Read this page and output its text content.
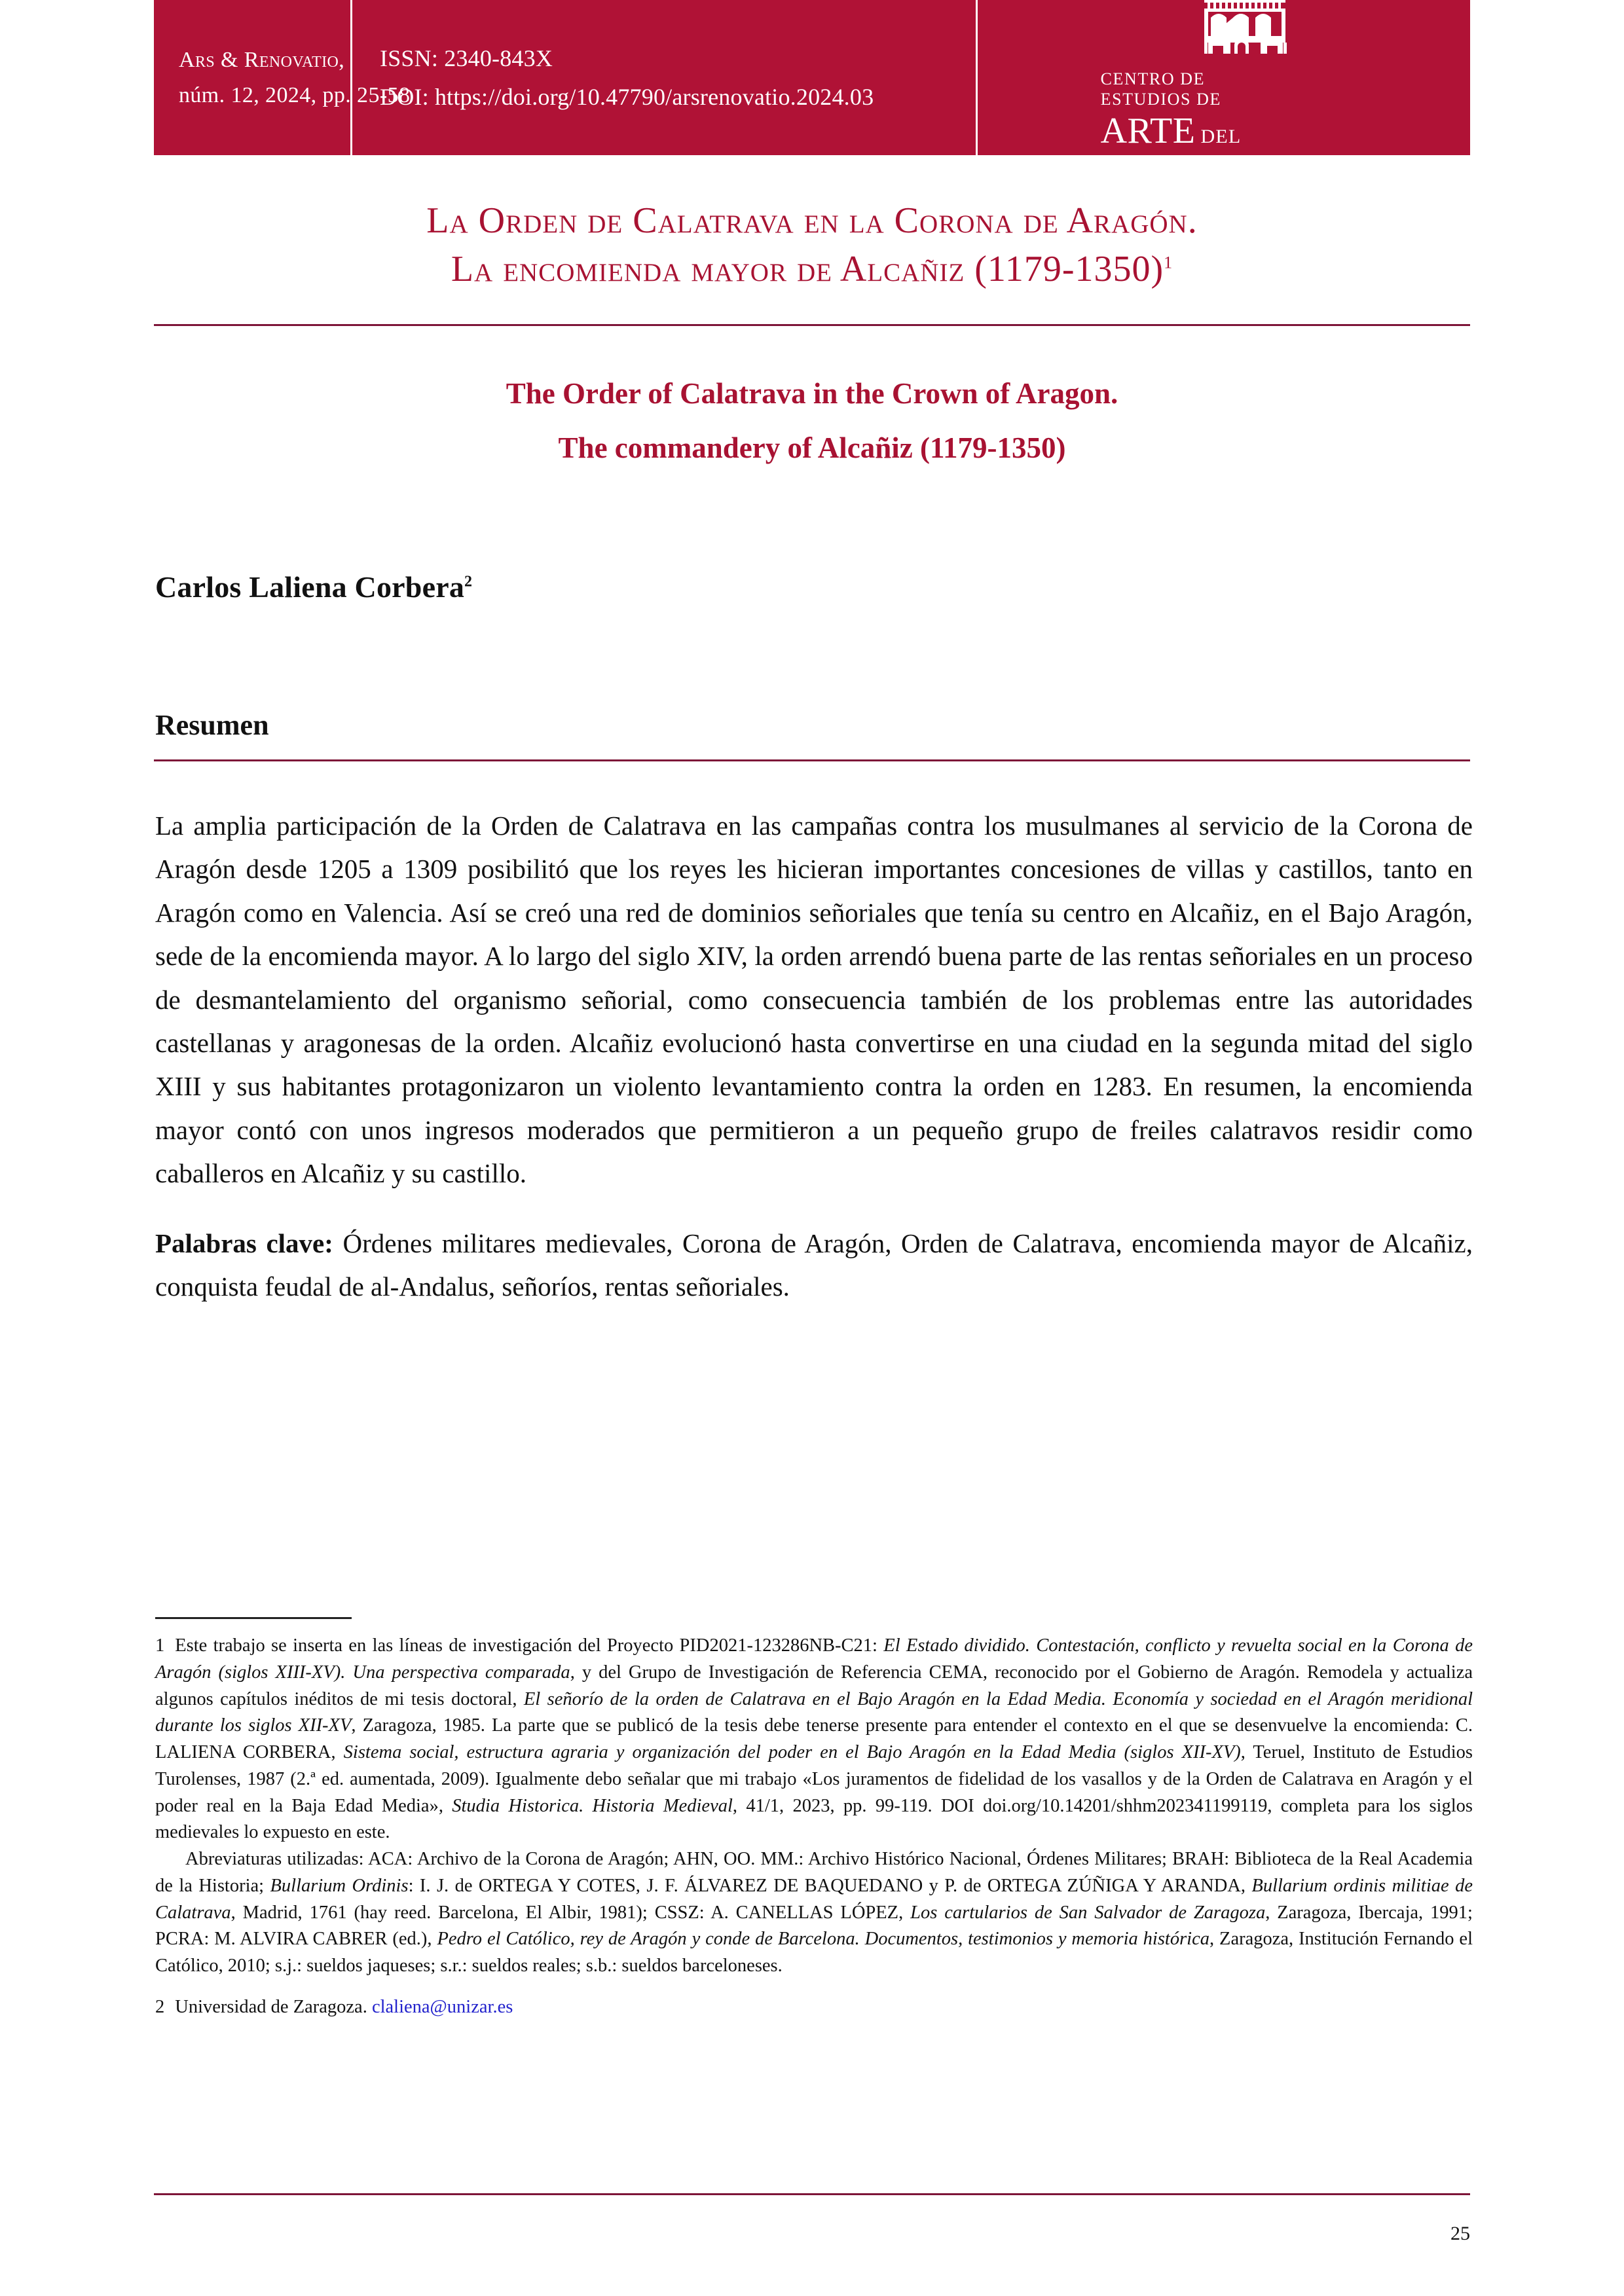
Ars & Renovatio,
núm. 12, 2024, pp. 25-58
ISSN: 2340-843X
DOI: https://doi.org/10.47790/arsrenovatio.2024.03
CENTRO DE
ESTUDIOS DE
ARTE DEL
RENACIMIENTO
La Orden de Calatrava en la Corona de Aragón.
La encomienda mayor de Alcañiz (1179-1350)$^1$
The Order of Calatrava in the Crown of Aragon.
The commandery of Alcañiz (1179-1350)
Carlos Laliena Corbera$^2$
Resumen

La amplia participación de la Orden de Calatrava en las campañas contra los musulmanes al servicio de la Corona de Aragón desde 1205 a 1309 posibilitó que los reyes les hicieran importantes concesiones de villas y castillos, tanto en Aragón como en Valencia. Así se creó una red de dominios señoriales que tenía su centro en Alcañiz, en el Bajo Aragón, sede de la encomienda mayor. A lo largo del siglo XIV, la orden arrendó buena parte de las rentas señoriales en un proceso de desmantelamiento del organismo señorial, como consecuencia también de los problemas entre las autoridades castellanas y aragonesas de la orden. Alcañiz evolucionó hasta convertirse en una ciudad en la segunda mitad del siglo XIII y sus habitantes protagonizaron un violento levantamiento contra la orden en 1283. En resumen, la encomienda mayor contó con unos ingresos moderados que permitieron a un pequeño grupo de freiles calatravos residir como caballeros en Alcañiz y su castillo.

Palabras clave: Órdenes militares medievales, Corona de Aragón, Orden de Calatrava, encomienda mayor de Alcañiz, conquista feudal de al-Andalus, señoríos, rentas señoriales.

1 Este trabajo se inserta en las líneas de investigación del Proyecto PID2021-123286NB-C21: El Estado dividido. Contestación, conflicto y revuelta social en la Corona de Aragón (siglos XIII-XV). Una perspectiva comparada, y del Grupo de Investigación de Referencia CEMA, reconocido por el Gobierno de Aragón. Remodela y actualiza algunos capítulos inéditos de mi tesis doctoral, El señorío de la orden de Calatrava en el Bajo Aragón en la Edad Media. Economía y sociedad en el Aragón meridional durante los siglos XII-XV, Zaragoza, 1985. La parte que se publicó de la tesis debe tenerse presente para entender el contexto en el que se desenvuelve la encomienda: C. LALIENA CORBERA, Sistema social, estructura agraria y organización del poder en el Bajo Aragón en la Edad Media (siglos XII-XV), Teruel, Instituto de Estudios Turolenses, 1987 (2.ª ed. aumentada, 2009). Igualmente debo señalar que mi trabajo «Los juramentos de fidelidad de los vasallos y de la Orden de Calatrava en Aragón y el poder real en la Baja Edad Media», Studia Historica. Historia Medieval, 41/1, 2023, pp. 99-119. DOI doi.org/10.14201/shhm202341199119, completa para los siglos medievales lo expuesto en este.

Abreviaturas utilizadas: ACA: Archivo de la Corona de Aragón; AHN, OO. MM.: Archivo Histórico Nacional, Órdenes Militares; BRAH: Biblioteca de la Real Academia de la Historia; Bullarium Ordinis: I. J. de ORTEGA Y COTES, J. F. ÁLVAREZ DE BAQUEDANO y P. de ORTEGA ZÚÑIGA Y ARANDA, Bullarium ordinis militiae de Calatrava, Madrid, 1761 (hay reed. Barcelona, El Albir, 1981); CSSZ: A. CANELLAS LÓPEZ, Los cartularios de San Salvador de Zaragoza, Zaragoza, Ibercaja, 1991; PCRA: M. ALVIRA CABRER (ed.), Pedro el Católico, rey de Aragón y conde de Barcelona. Documentos, testimonios y memoria histórica, Zaragoza, Institución Fernando el Católico, 2010; s.j.: sueldos jaqueses; s.r.: sueldos reales; s.b.: sueldos barceloneses.

2 Universidad de Zaragoza. claliena@unizar.es

25
